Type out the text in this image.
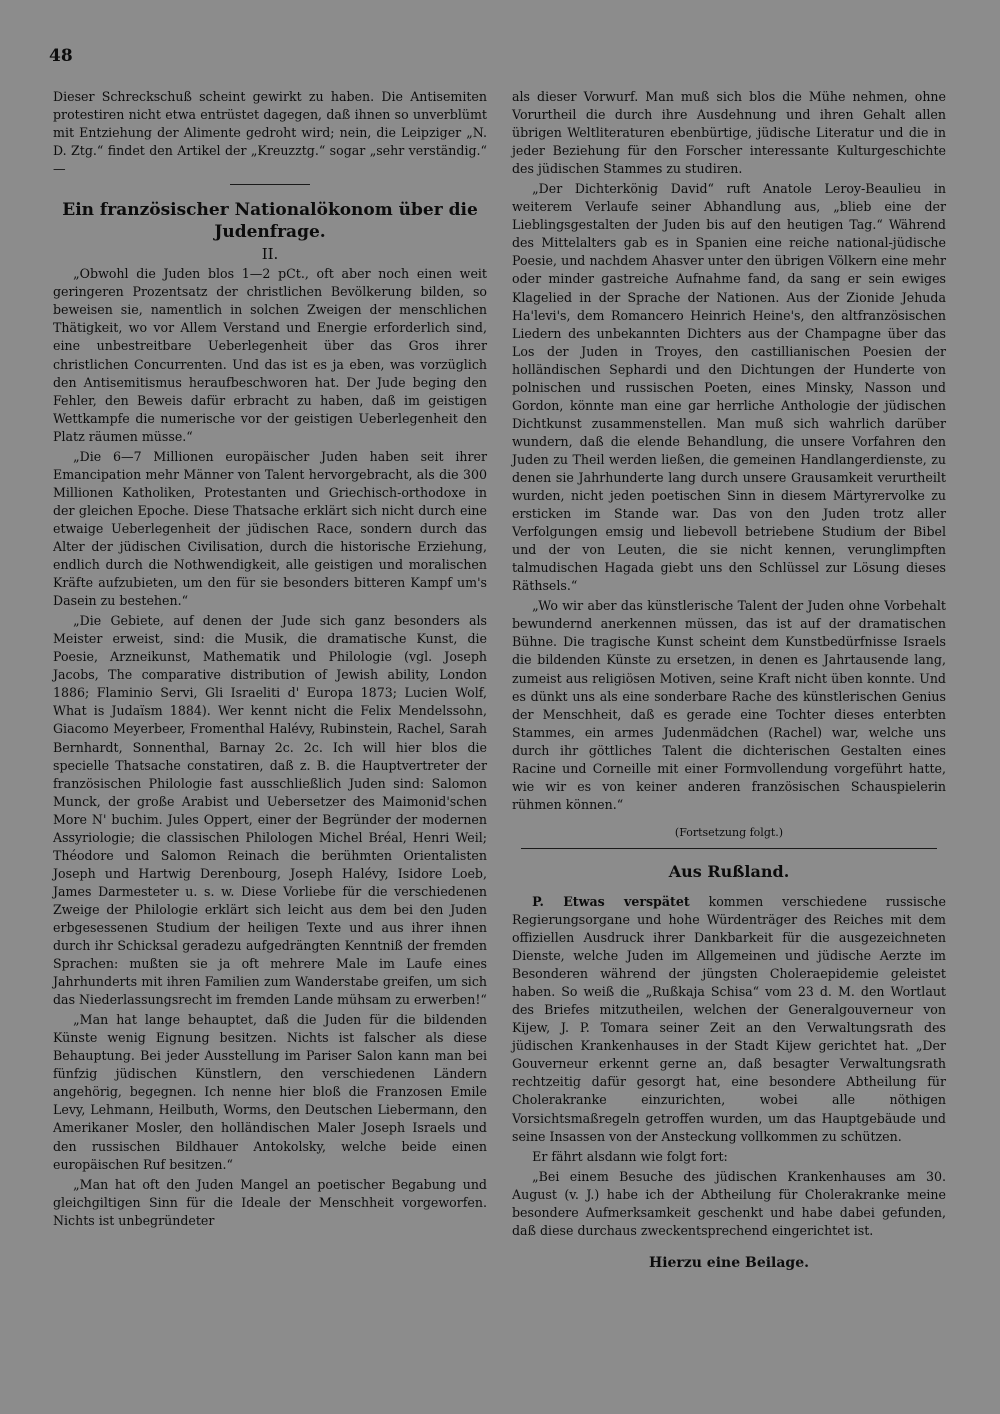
48

Dieser Schreckschuß scheint gewirkt zu haben. Die Antisemiten protestiren nicht etwa entrüstet dagegen, daß ihnen so unverblümt mit Entziehung der Alimente gedroht wird; nein, die Leipziger „N. D. Ztg.“ findet den Artikel der „Kreuzztg.“ sogar „sehr verständig.“ —

Ein französischer Nationalökonom über die Judenfrage.
II.

„Obwohl die Juden blos 1—2 pCt., oft aber noch einen weit geringeren Prozentsatz der christlichen Bevölkerung bilden, so beweisen sie, namentlich in solchen Zweigen der menschlichen Thätigkeit, wo vor Allem Verstand und Energie erforderlich sind, eine unbestreitbare Ueberlegenheit über das Gros ihrer christlichen Concurrenten. Und das ist es ja eben, was vorzüglich den Antisemitismus heraufbeschworen hat. Der Jude beging den Fehler, den Beweis dafür erbracht zu haben, daß im geistigen Wettkampfe die numerische vor der geistigen Ueberlegenheit den Platz räumen müsse.“

„Die 6—7 Millionen europäischer Juden haben seit ihrer Emancipation mehr Männer von Talent hervorgebracht, als die 300 Millionen Katholiken, Protestanten und Griechisch-orthodoxe in der gleichen Epoche. Diese Thatsache erklärt sich nicht durch eine etwaige Ueberlegenheit der jüdischen Race, sondern durch das Alter der jüdischen Civilisation, durch die historische Erziehung, endlich durch die Nothwendigkeit, alle geistigen und moralischen Kräfte aufzubieten, um den für sie besonders bitteren Kampf um's Dasein zu bestehen.“

„Die Gebiete, auf denen der Jude sich ganz besonders als Meister erweist, sind: die Musik, die dramatische Kunst, die Poesie, Arzneikunst, Mathematik und Philologie (vgl. Joseph Jacobs, The comparative distribution of Jewish ability, London 1886; Flaminio Servi, Gli Israeliti d' Europa 1873; Lucien Wolf, What is Judaïsm 1884). Wer kennt nicht die Felix Mendelssohn, Giacomo Meyerbeer, Fromenthal Halévy, Rubinstein, Rachel, Sarah Bernhardt, Sonnenthal, Barnay 2c. 2c. Ich will hier blos die specielle Thatsache constatiren, daß z. B. die Hauptvertreter der französischen Philologie fast ausschließlich Juden sind: Salomon Munck, der große Arabist und Uebersetzer des Maimonid'schen More N' buchim. Jules Oppert, einer der Begründer der modernen Assyriologie; die classischen Philologen Michel Bréal, Henri Weil; Théodore und Salomon Reinach die berühmten Orientalisten Joseph und Hartwig Derenbourg, Joseph Halévy, Isidore Loeb, James Darmesteter u. s. w. Diese Vorliebe für die verschiedenen Zweige der Philologie erklärt sich leicht aus dem bei den Juden erbgesessenen Studium der heiligen Texte und aus ihrer ihnen durch ihr Schicksal geradezu aufgedrängten Kenntniß der fremden Sprachen: mußten sie ja oft mehrere Male im Laufe eines Jahrhunderts mit ihren Familien zum Wanderstabe greifen, um sich das Niederlassungsrecht im fremden Lande mühsam zu erwerben!“

„Man hat lange behauptet, daß die Juden für die bildenden Künste wenig Eignung besitzen. Nichts ist falscher als diese Behauptung. Bei jeder Ausstellung im Pariser Salon kann man bei fünfzig jüdischen Künstlern, den verschiedenen Ländern angehörig, begegnen. Ich nenne hier bloß die Franzosen Emile Levy, Lehmann, Heilbuth, Worms, den Deutschen Liebermann, den Amerikaner Mosler, den holländischen Maler Joseph Israels und den russischen Bildhauer Antokolsky, welche beide einen europäischen Ruf besitzen.“

„Man hat oft den Juden Mangel an poetischer Begabung und gleichgiltigen Sinn für die Ideale der Menschheit vorgeworfen. Nichts ist unbegründeter

als dieser Vorwurf. Man muß sich blos die Mühe nehmen, ohne Vorurtheil die durch ihre Ausdehnung und ihren Gehalt allen übrigen Weltliteraturen ebenbürtige, jüdische Literatur und die in jeder Beziehung für den Forscher interessante Kulturgeschichte des jüdischen Stammes zu studiren.

„Der Dichterkönig David“ ruft Anatole Leroy-Beaulieu in weiterem Verlaufe seiner Abhandlung aus, „blieb eine der Lieblingsgestalten der Juden bis auf den heutigen Tag.“ Während des Mittelalters gab es in Spanien eine reiche national-jüdische Poesie, und nachdem Ahasver unter den übrigen Völkern eine mehr oder minder gastreiche Aufnahme fand, da sang er sein ewiges Klagelied in der Sprache der Nationen. Aus der Zionide Jehuda Ha'levi's, dem Romancero Heinrich Heine's, den altfranzösischen Liedern des unbekannten Dichters aus der Champagne über das Los der Juden in Troyes, den castillianischen Poesien der holländischen Sephardi und den Dichtungen der Hunderte von polnischen und russischen Poeten, eines Minsky, Nasson und Gordon, könnte man eine gar herrliche Anthologie der jüdischen Dichtkunst zusammenstellen. Man muß sich wahrlich darüber wundern, daß die elende Behandlung, die unsere Vorfahren den Juden zu Theil werden ließen, die gemeinen Handlangerdienste, zu denen sie Jahrhunderte lang durch unsere Grausamkeit verurtheilt wurden, nicht jeden poetischen Sinn in diesem Märtyrervolke zu ersticken im Stande war. Das von den Juden trotz aller Verfolgungen emsig und liebevoll betriebene Studium der Bibel und der von Leuten, die sie nicht kennen, verunglimpften talmudischen Hagada giebt uns den Schlüssel zur Lösung dieses Räthsels.“

„Wo wir aber das künstlerische Talent der Juden ohne Vorbehalt bewundernd anerkennen müssen, das ist auf der dramatischen Bühne. Die tragische Kunst scheint dem Kunstbedürfnisse Israels die bildenden Künste zu ersetzen, in denen es Jahrtausende lang, zumeist aus religiösen Motiven, seine Kraft nicht üben konnte. Und es dünkt uns als eine sonderbare Rache des künstlerischen Genius der Menschheit, daß es gerade eine Tochter dieses enterbten Stammes, ein armes Judenmädchen (Rachel) war, welche uns durch ihr göttliches Talent die dichterischen Gestalten eines Racine und Corneille mit einer Formvollendung vorgeführt hatte, wie wir es von keiner anderen französischen Schauspielerin rühmen können.“

(Fortsetzung folgt.)
Aus Rußland.

P. Etwas verspätet kommen verschiedene russische Regierungsorgane und hohe Würdenträger des Reiches mit dem offiziellen Ausdruck ihrer Dankbarkeit für die ausgezeichneten Dienste, welche Juden im Allgemeinen und jüdische Aerzte im Besonderen während der jüngsten Choleraepidemie geleistet haben. So weiß die „Rußkaja Schisa“ vom 23 d. M. den Wortlaut des Briefes mitzutheilen, welchen der Generalgouverneur von Kijew, J. P. Tomara seiner Zeit an den Verwaltungsrath des jüdischen Krankenhauses in der Stadt Kijew gerichtet hat. „Der Gouverneur erkennt gerne an, daß besagter Verwaltungsrath rechtzeitig dafür gesorgt hat, eine besondere Abtheilung für Cholerakranke einzurichten, wobei alle nöthigen Vorsichtsmaßregeln getroffen wurden, um das Hauptgebäude und seine Insassen von der Ansteckung vollkommen zu schützen.

Er fährt alsdann wie folgt fort:

„Bei einem Besuche des jüdischen Krankenhauses am 30. August (v. J.) habe ich der Abtheilung für Cholerakranke meine besondere Aufmerksamkeit geschenkt und habe dabei gefunden, daß diese durchaus zweckentsprechend eingerichtet ist.

Hierzu eine Beilage.
